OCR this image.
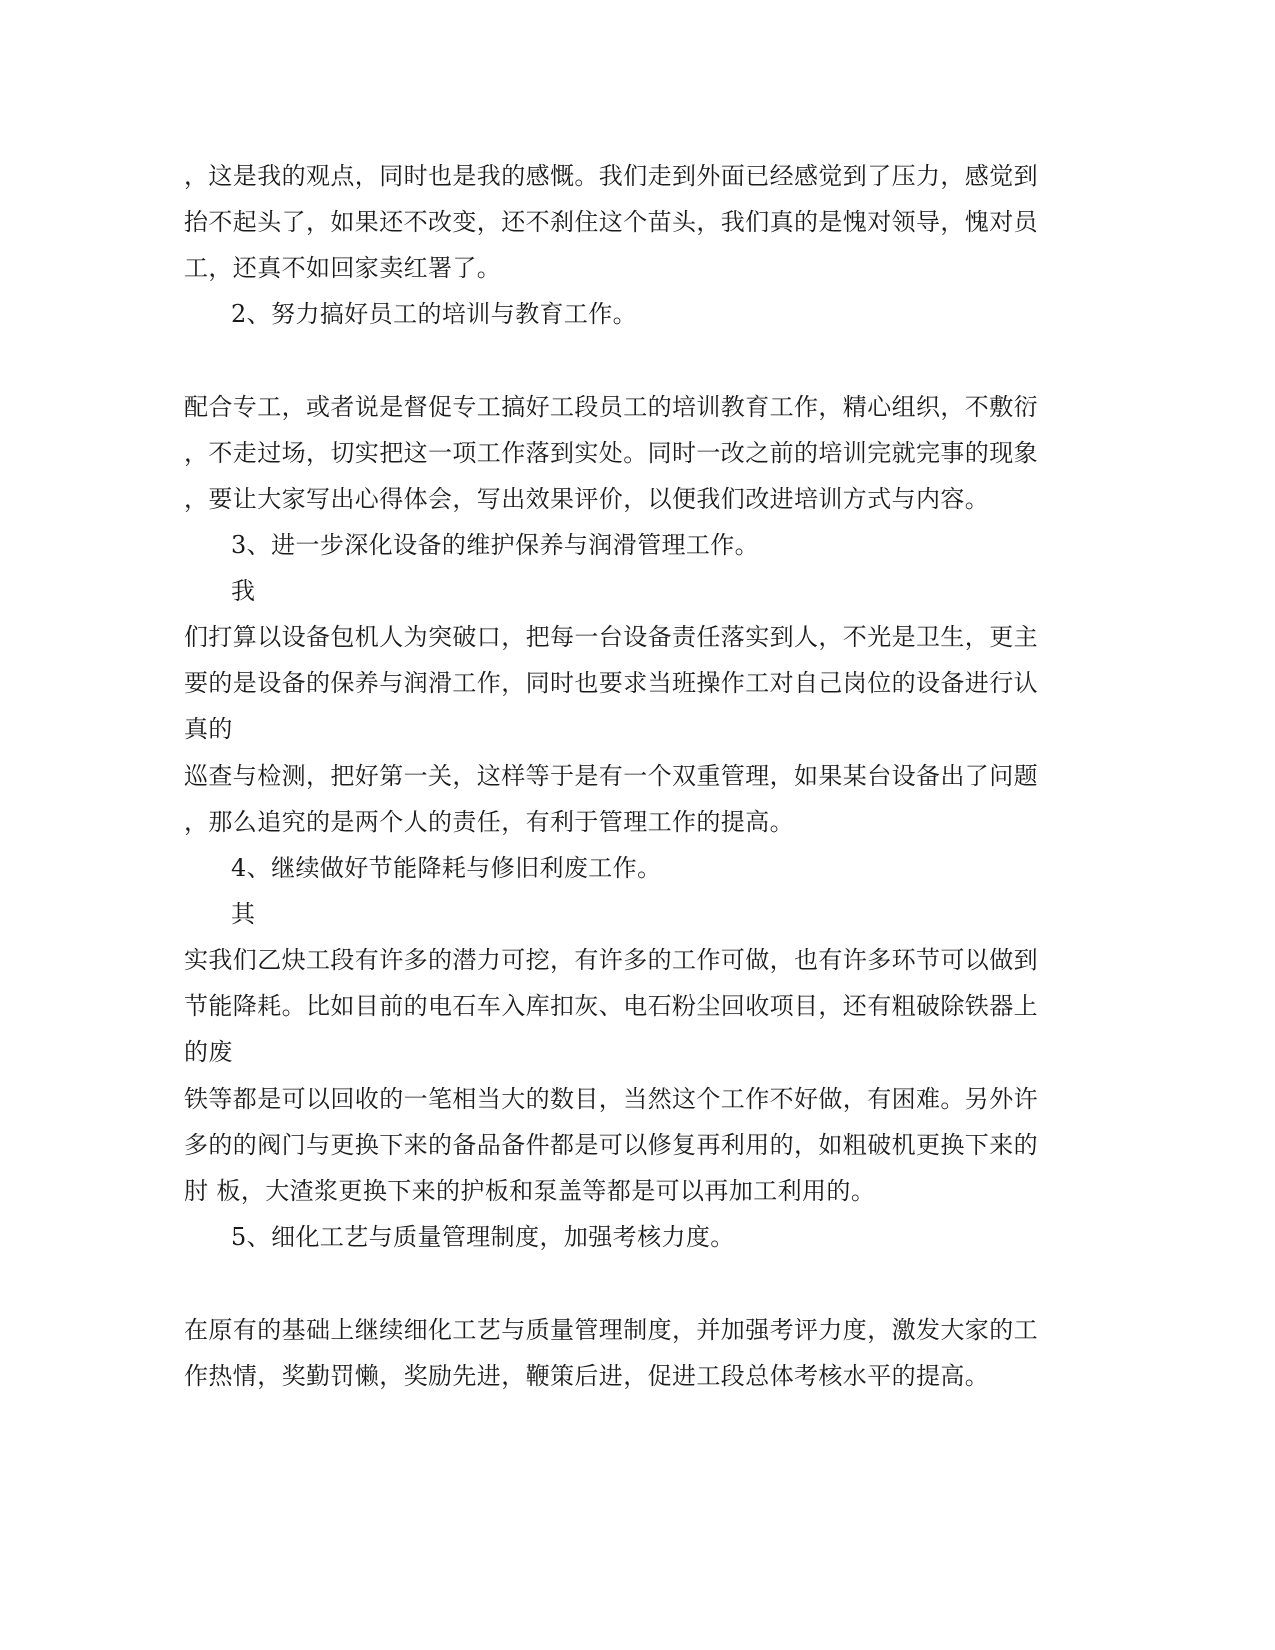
，这是我的观点，同时也是我的感慨。我们走到外面已经感觉到了压力，感觉到
抬不起头了，如果还不改变，还不刹住这个苗头，我们真的是愧对领导，愧对员
工，还真不如回家卖红署了。
2、努力搞好员工的培训与教育工作。
配合专工，或者说是督促专工搞好工段员工的培训教育工作，精心组织，不敷衍
，不走过场，切实把这一项工作落到实处。同时一改之前的培训完就完事的现象
，要让大家写出心得体会，写出效果评价，以便我们改进培训方式与内容。
3、进一步深化设备的维护保养与润滑管理工作。
我
们打算以设备包机人为突破口，把每一台设备责任落实到人，不光是卫生，更主
要的是设备的保养与润滑工作，同时也要求当班操作工对自己岗位的设备进行认
真的
巡查与检测，把好第一关，这样等于是有一个双重管理，如果某台设备出了问题
，那么追究的是两个人的责任，有利于管理工作的提高。
4、继续做好节能降耗与修旧利废工作。
其
实我们乙炔工段有许多的潜力可挖，有许多的工作可做，也有许多环节可以做到
节能降耗。比如目前的电石车入库扣灰、电石粉尘回收项目，还有粗破除铁器上
的废
铁等都是可以回收的一笔相当大的数目，当然这个工作不好做，有困难。另外许
多的的阀门与更换下来的备品备件都是可以修复再利用的，如粗破机更换下来的
肘 板，大渣浆更换下来的护板和泵盖等都是可以再加工利用的。
5、细化工艺与质量管理制度，加强考核力度。
在原有的基础上继续细化工艺与质量管理制度，并加强考评力度，激发大家的工
作热情，奖勤罚懒，奖励先进，鞭策后进，促进工段总体考核水平的提高。
